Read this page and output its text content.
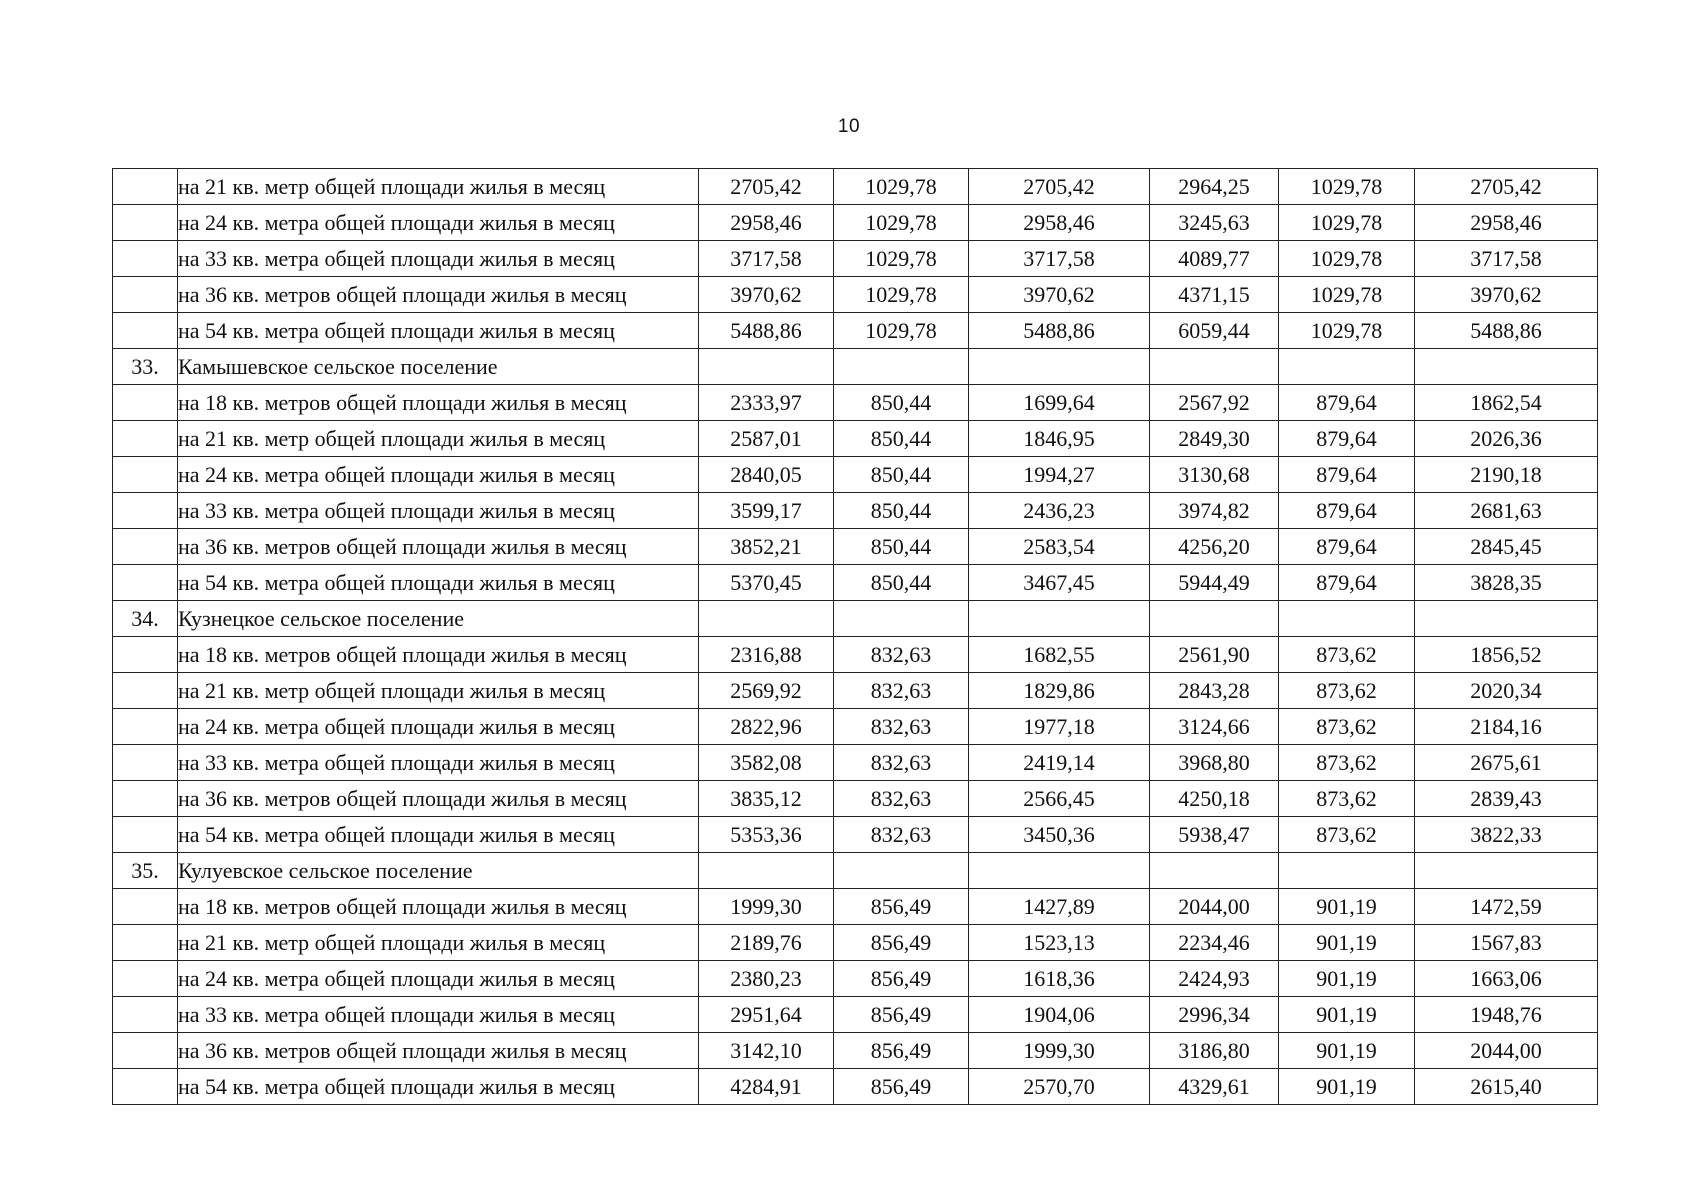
10
	на 21 кв. метр общей площади жилья в месяц	2705,42	1029,78	2705,42	2964,25	1029,78	2705,42
	на 24 кв. метра общей площади жилья в месяц	2958,46	1029,78	2958,46	3245,63	1029,78	2958,46
	на 33 кв. метра общей площади жилья в месяц	3717,58	1029,78	3717,58	4089,77	1029,78	3717,58
	на 36 кв. метров общей площади жилья в месяц	3970,62	1029,78	3970,62	4371,15	1029,78	3970,62
	на 54 кв. метра общей площади жилья в месяц	5488,86	1029,78	5488,86	6059,44	1029,78	5488,86
33.	Камышевское сельское поселение						
	на 18 кв. метров общей площади жилья в месяц	2333,97	850,44	1699,64	2567,92	879,64	1862,54
	на 21 кв. метр общей площади жилья в месяц	2587,01	850,44	1846,95	2849,30	879,64	2026,36
	на 24 кв. метра общей площади жилья в месяц	2840,05	850,44	1994,27	3130,68	879,64	2190,18
	на 33 кв. метра общей площади жилья в месяц	3599,17	850,44	2436,23	3974,82	879,64	2681,63
	на 36 кв. метров общей площади жилья в месяц	3852,21	850,44	2583,54	4256,20	879,64	2845,45
	на 54 кв. метра общей площади жилья в месяц	5370,45	850,44	3467,45	5944,49	879,64	3828,35
34.	Кузнецкое сельское поселение						
	на 18 кв. метров общей площади жилья в месяц	2316,88	832,63	1682,55	2561,90	873,62	1856,52
	на 21 кв. метр общей площади жилья в месяц	2569,92	832,63	1829,86	2843,28	873,62	2020,34
	на 24 кв. метра общей площади жилья в месяц	2822,96	832,63	1977,18	3124,66	873,62	2184,16
	на 33 кв. метра общей площади жилья в месяц	3582,08	832,63	2419,14	3968,80	873,62	2675,61
	на 36 кв. метров общей площади жилья в месяц	3835,12	832,63	2566,45	4250,18	873,62	2839,43
	на 54 кв. метра общей площади жилья в месяц	5353,36	832,63	3450,36	5938,47	873,62	3822,33
35.	Кулуевское сельское поселение						
	на 18 кв. метров общей площади жилья в месяц	1999,30	856,49	1427,89	2044,00	901,19	1472,59
	на 21 кв. метр общей площади жилья в месяц	2189,76	856,49	1523,13	2234,46	901,19	1567,83
	на 24 кв. метра общей площади жилья в месяц	2380,23	856,49	1618,36	2424,93	901,19	1663,06
	на 33 кв. метра общей площади жилья в месяц	2951,64	856,49	1904,06	2996,34	901,19	1948,76
	на 36 кв. метров общей площади жилья в месяц	3142,10	856,49	1999,30	3186,80	901,19	2044,00
	на 54 кв. метра общей площади жилья в месяц	4284,91	856,49	2570,70	4329,61	901,19	2615,40
